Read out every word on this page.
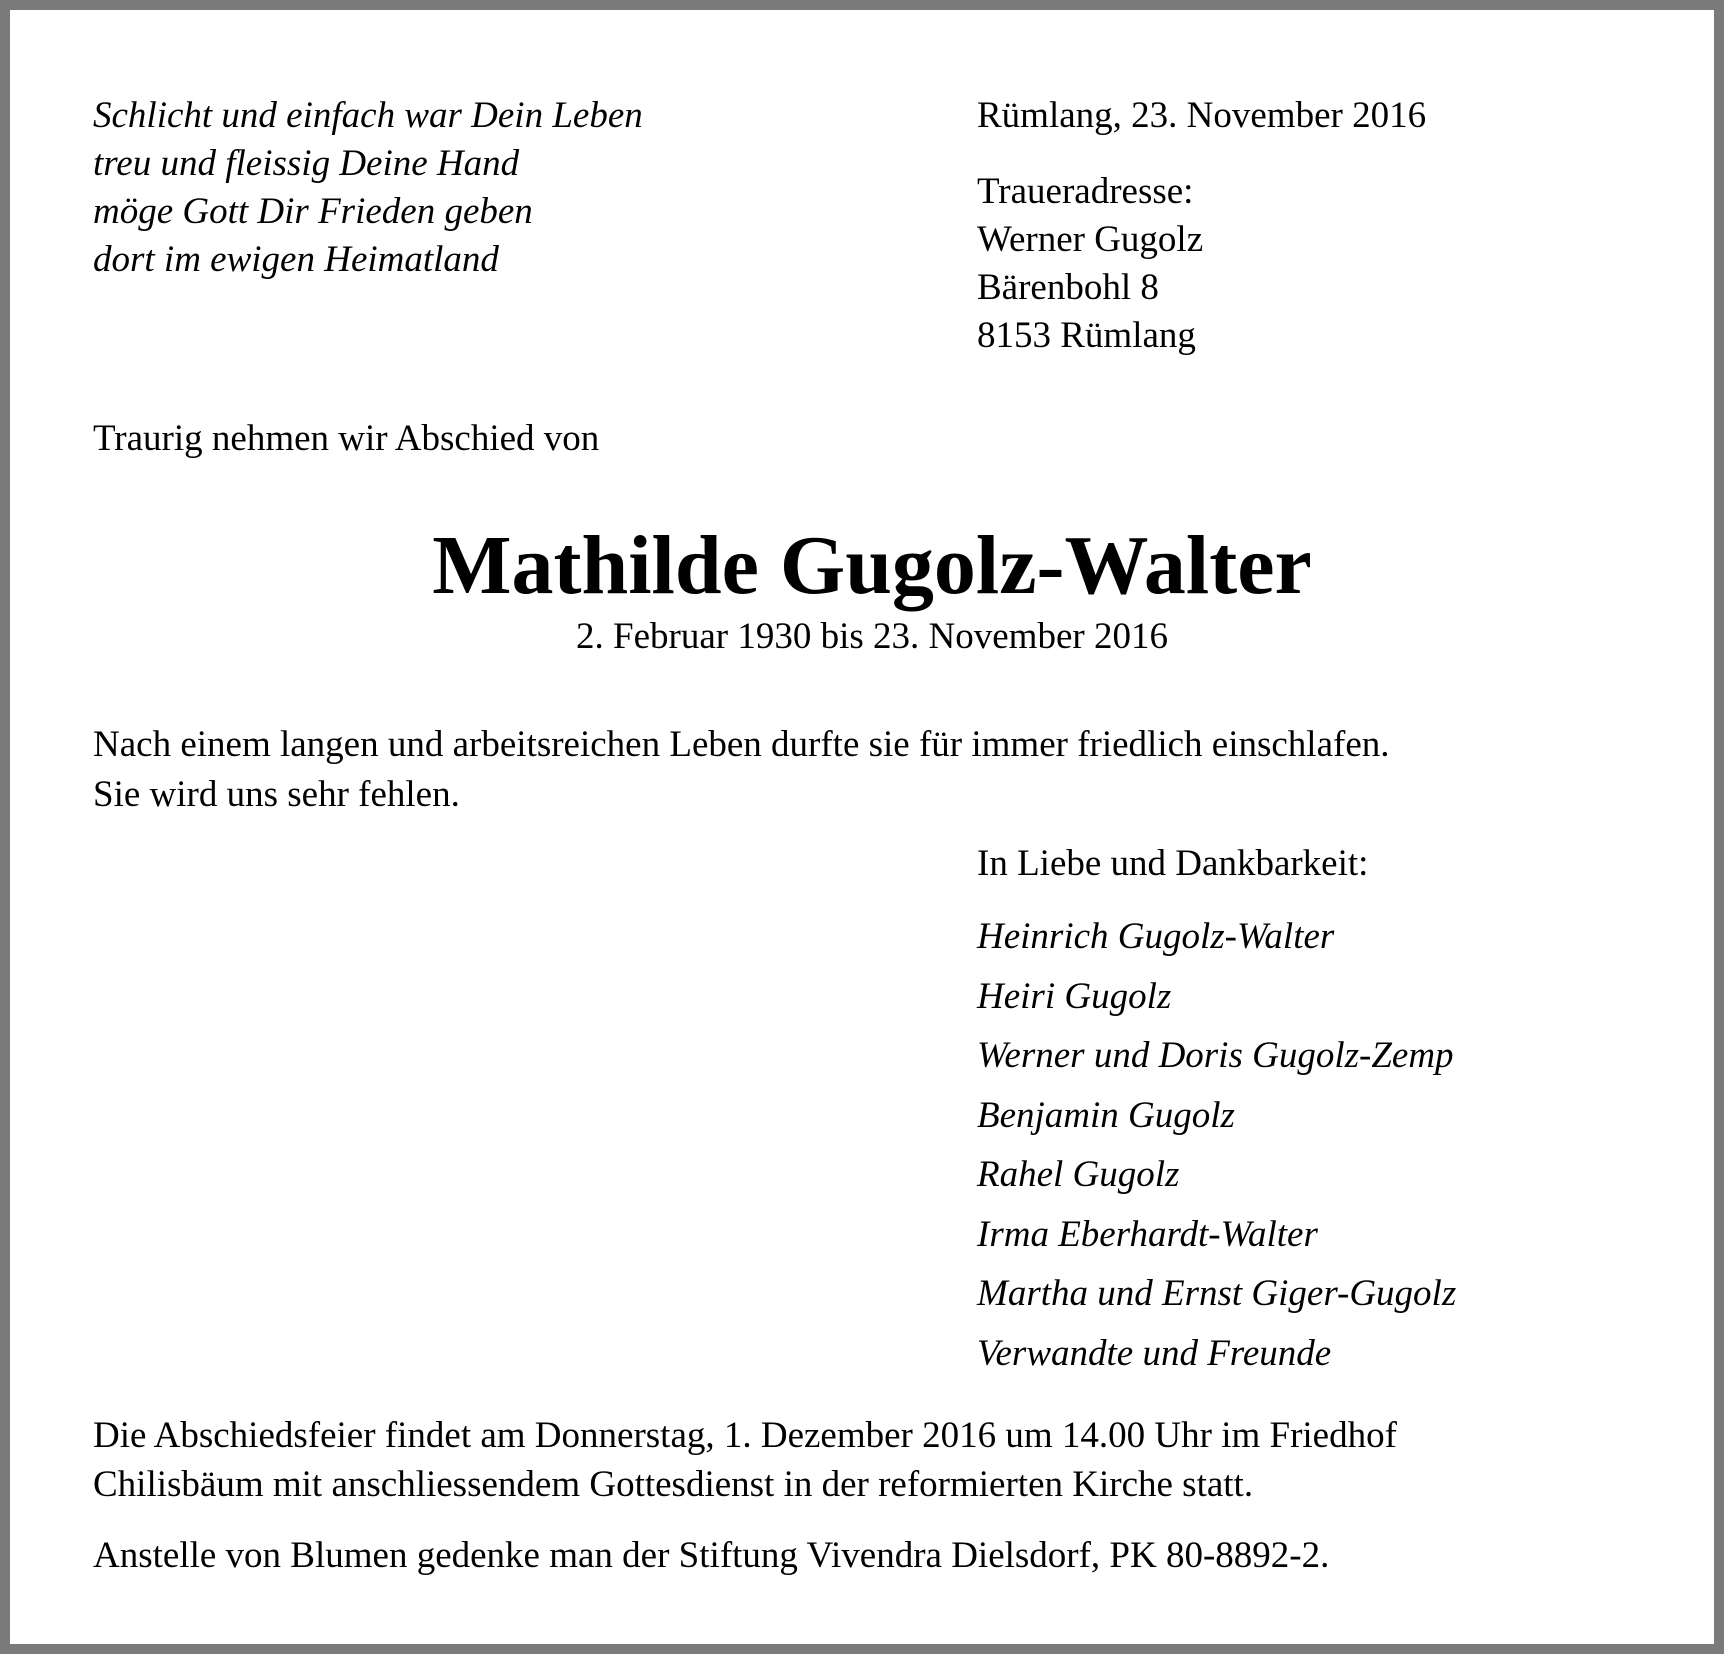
Schlicht und einfach war Dein Leben
treu und fleissig Deine Hand
möge Gott Dir Frieden geben
dort im ewigen Heimatland
Rümlang, 23. November 2016
Traueradresse:
Werner Gugolz
Bärenbohl 8
8153 Rümlang
Traurig nehmen wir Abschied von
Mathilde Gugolz-Walter
2. Februar 1930 bis 23. November 2016
Nach einem langen und arbeitsreichen Leben durfte sie für immer friedlich einschlafen.
Sie wird uns sehr fehlen.
In Liebe und Dankbarkeit:
Heinrich Gugolz-Walter
Heiri Gugolz
Werner und Doris Gugolz-Zemp
Benjamin Gugolz
Rahel Gugolz
Irma Eberhardt-Walter
Martha und Ernst Giger-Gugolz
Verwandte und Freunde
Die Abschiedsfeier findet am Donnerstag, 1. Dezember 2016 um 14.00 Uhr im Friedhof
Chilisbäum mit anschliessendem Gottesdienst in der reformierten Kirche statt.
Anstelle von Blumen gedenke man der Stiftung Vivendra Dielsdorf, PK 80-8892-2.
